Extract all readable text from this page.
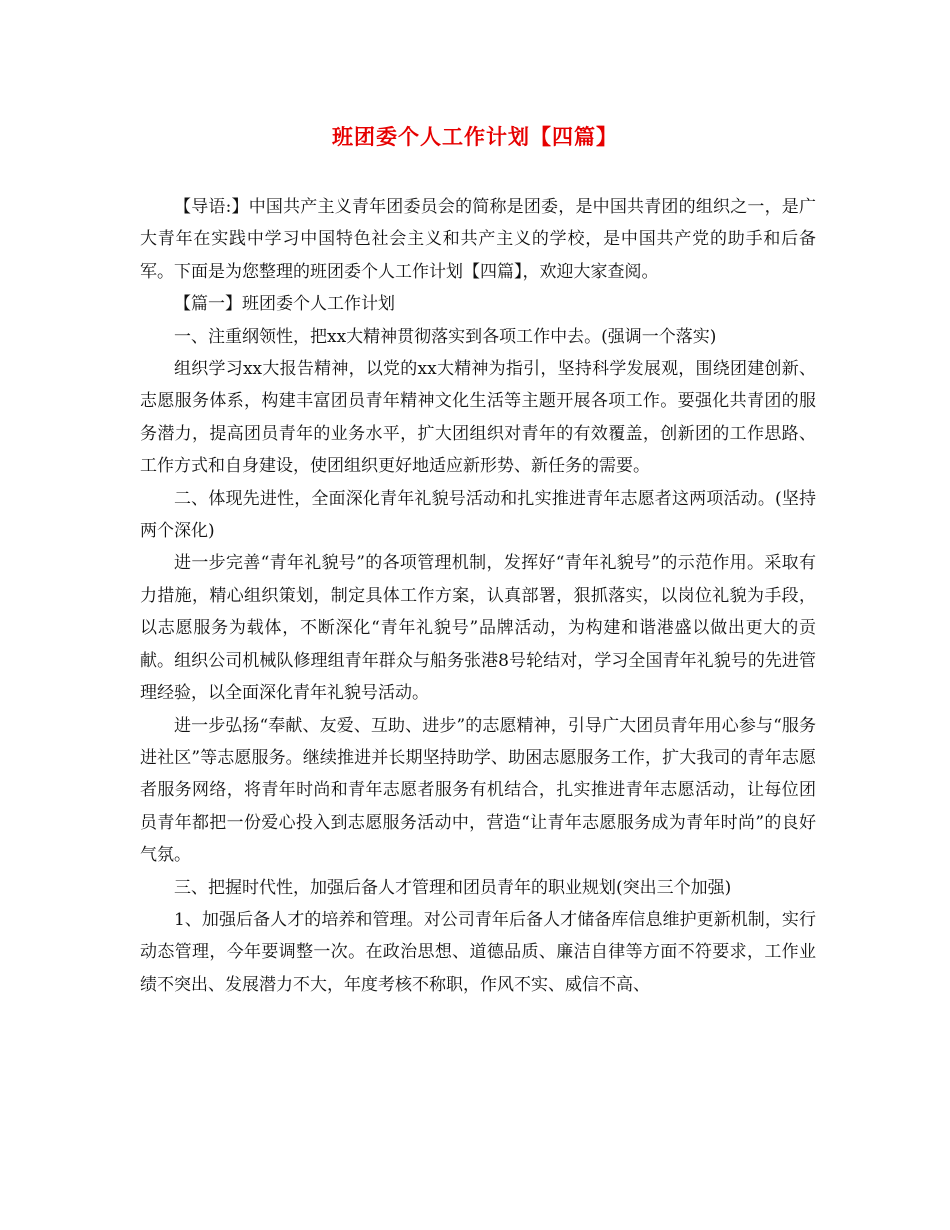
班团委个人工作计划【四篇】

【导语:】中国共产主义青年团委员会的简称是团委，是中国共青团的组织之一，是广大青年在实践中学习中国特色社会主义和共产主义的学校，是中国共产党的助手和后备军。下面是为您整理的班团委个人工作计划【四篇】，欢迎大家查阅。

【篇一】班团委个人工作计划

一、注重纲领性，把xx大精神贯彻落实到各项工作中去。(强调一个落实)

组织学习xx大报告精神，以党的xx大精神为指引，坚持科学发展观，围绕团建创新、志愿服务体系，构建丰富团员青年精神文化生活等主题开展各项工作。要强化共青团的服务潜力，提高团员青年的业务水平，扩大团组织对青年的有效覆盖，创新团的工作思路、工作方式和自身建设，使团组织更好地适应新形势、新任务的需要。

二、体现先进性，全面深化青年礼貌号活动和扎实推进青年志愿者这两项活动。(坚持两个深化)

进一步完善“青年礼貌号”的各项管理机制，发挥好“青年礼貌号”的示范作用。采取有力措施，精心组织策划，制定具体工作方案，认真部署，狠抓落实，以岗位礼貌为手段，以志愿服务为载体，不断深化“青年礼貌号”品牌活动，为构建和谐港盛以做出更大的贡献。组织公司机械队修理组青年群众与船务张港8号轮结对，学习全国青年礼貌号的先进管理经验，以全面深化青年礼貌号活动。

进一步弘扬“奉献、友爱、互助、进步”的志愿精神，引导广大团员青年用心参与“服务进社区”等志愿服务。继续推进并长期坚持助学、助困志愿服务工作，扩大我司的青年志愿者服务网络，将青年时尚和青年志愿者服务有机结合，扎实推进青年志愿活动，让每位团员青年都把一份爱心投入到志愿服务活动中，营造“让青年志愿服务成为青年时尚”的良好气氛。

三、把握时代性，加强后备人才管理和团员青年的职业规划(突出三个加强)

1、加强后备人才的培养和管理。对公司青年后备人才储备库信息维护更新机制，实行动态管理，今年要调整一次。在政治思想、道德品质、廉洁自律等方面不符要求，工作业绩不突出、发展潜力不大，年度考核不称职，作风不实、威信不高、
